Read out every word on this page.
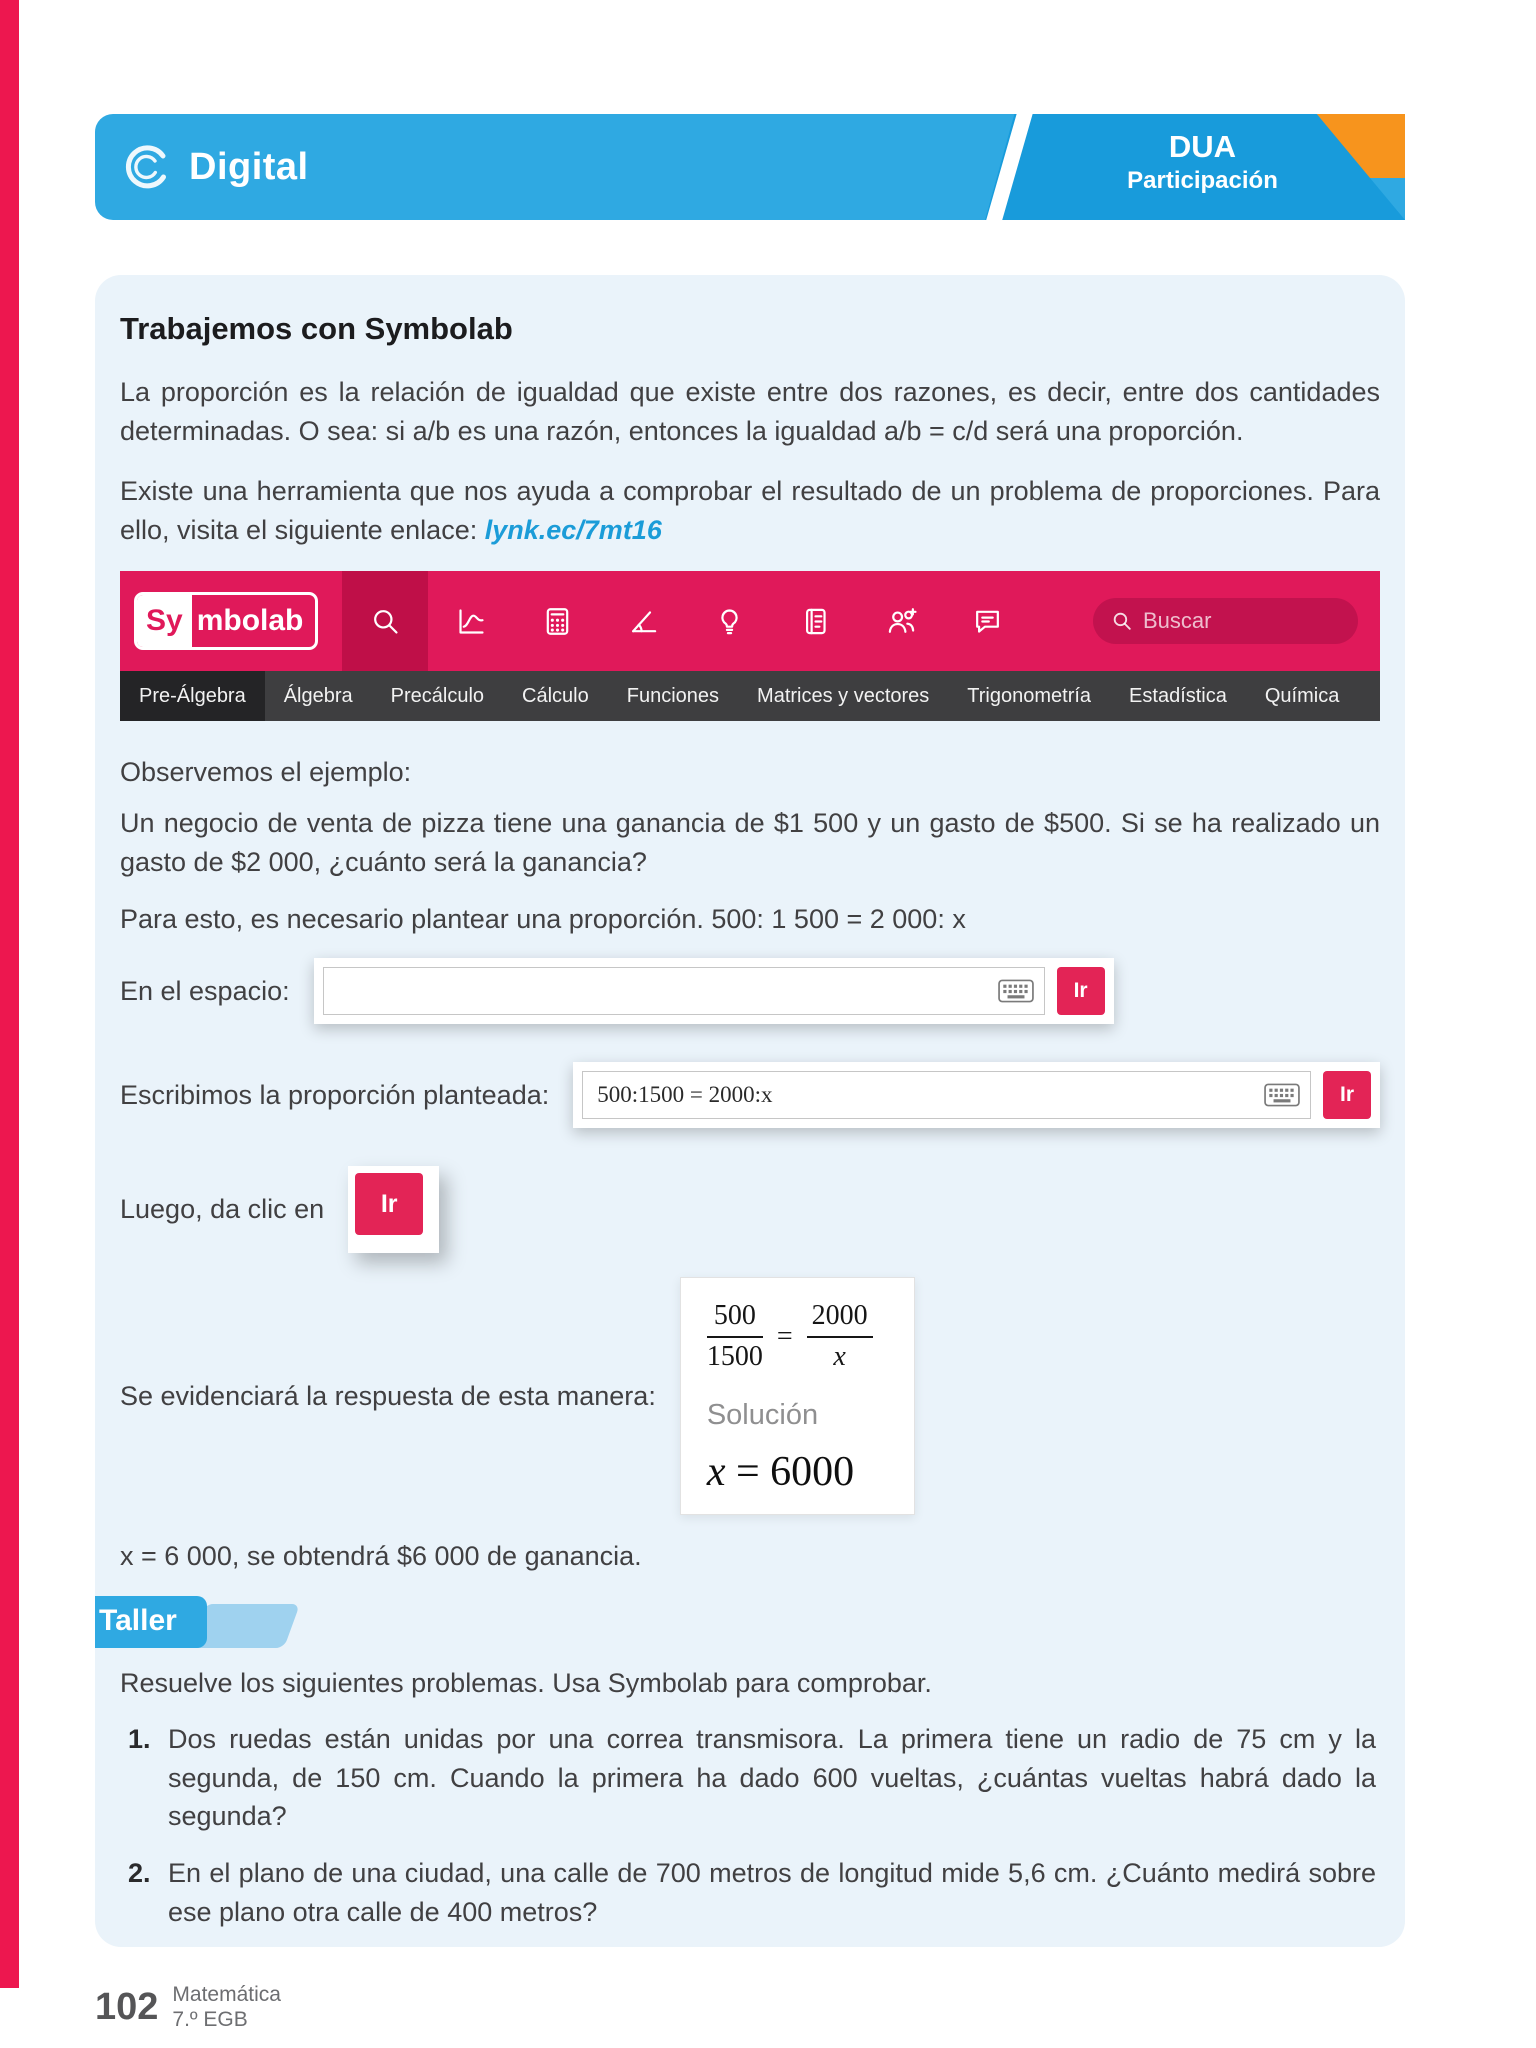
Digital	DUA
Participación
Trabajemos con Symbolab

La proporción es la relación de igualdad que existe entre dos razones, es decir, entre dos cantidades determinadas. O sea: si a/b es una razón, entonces la igualdad a/b = c/d será una proporción.

Existe una herramienta que nos ayuda a comprobar el resultado de un problema de proporciones. Para ello, visita el siguiente enlace: lynk.ec/7mt16

Sy mbolab	Buscar
Pre-Álgebra	Álgebra	Precálculo	Cálculo	Funciones	Matrices y vectores	Trigonometría	Estadística	Química

Observemos el ejemplo:

Un negocio de venta de pizza tiene una ganancia de $1 500 y un gasto de $500. Si se ha realizado un gasto de $2 000, ¿cuánto será la ganancia?

Para esto, es necesario plantear una proporción. 500: 1 500 = 2 000: x

En el espacio:	Ir
Escribimos la proporción planteada: 500:1500 = 2000:x	Ir
Luego, da clic en	Ir
Se evidenciará la respuesta de esta manera:
$\frac{500}{1500} = \frac{2000}{x}$
Solución
x = 6000

x = 6 000, se obtendrá $6 000 de ganancia.

Taller

Resuelve los siguientes problemas. Usa Symbolab para comprobar.

1. Dos ruedas están unidas por una correa transmisora. La primera tiene un radio de 75 cm y la segunda, de 150 cm. Cuando la primera ha dado 600 vueltas, ¿cuántas vueltas habrá dado la segunda?

2. En el plano de una ciudad, una calle de 700 metros de longitud mide 5,6 cm. ¿Cuánto medirá sobre ese plano otra calle de 400 metros?

102 Matemática
7.º EGB
